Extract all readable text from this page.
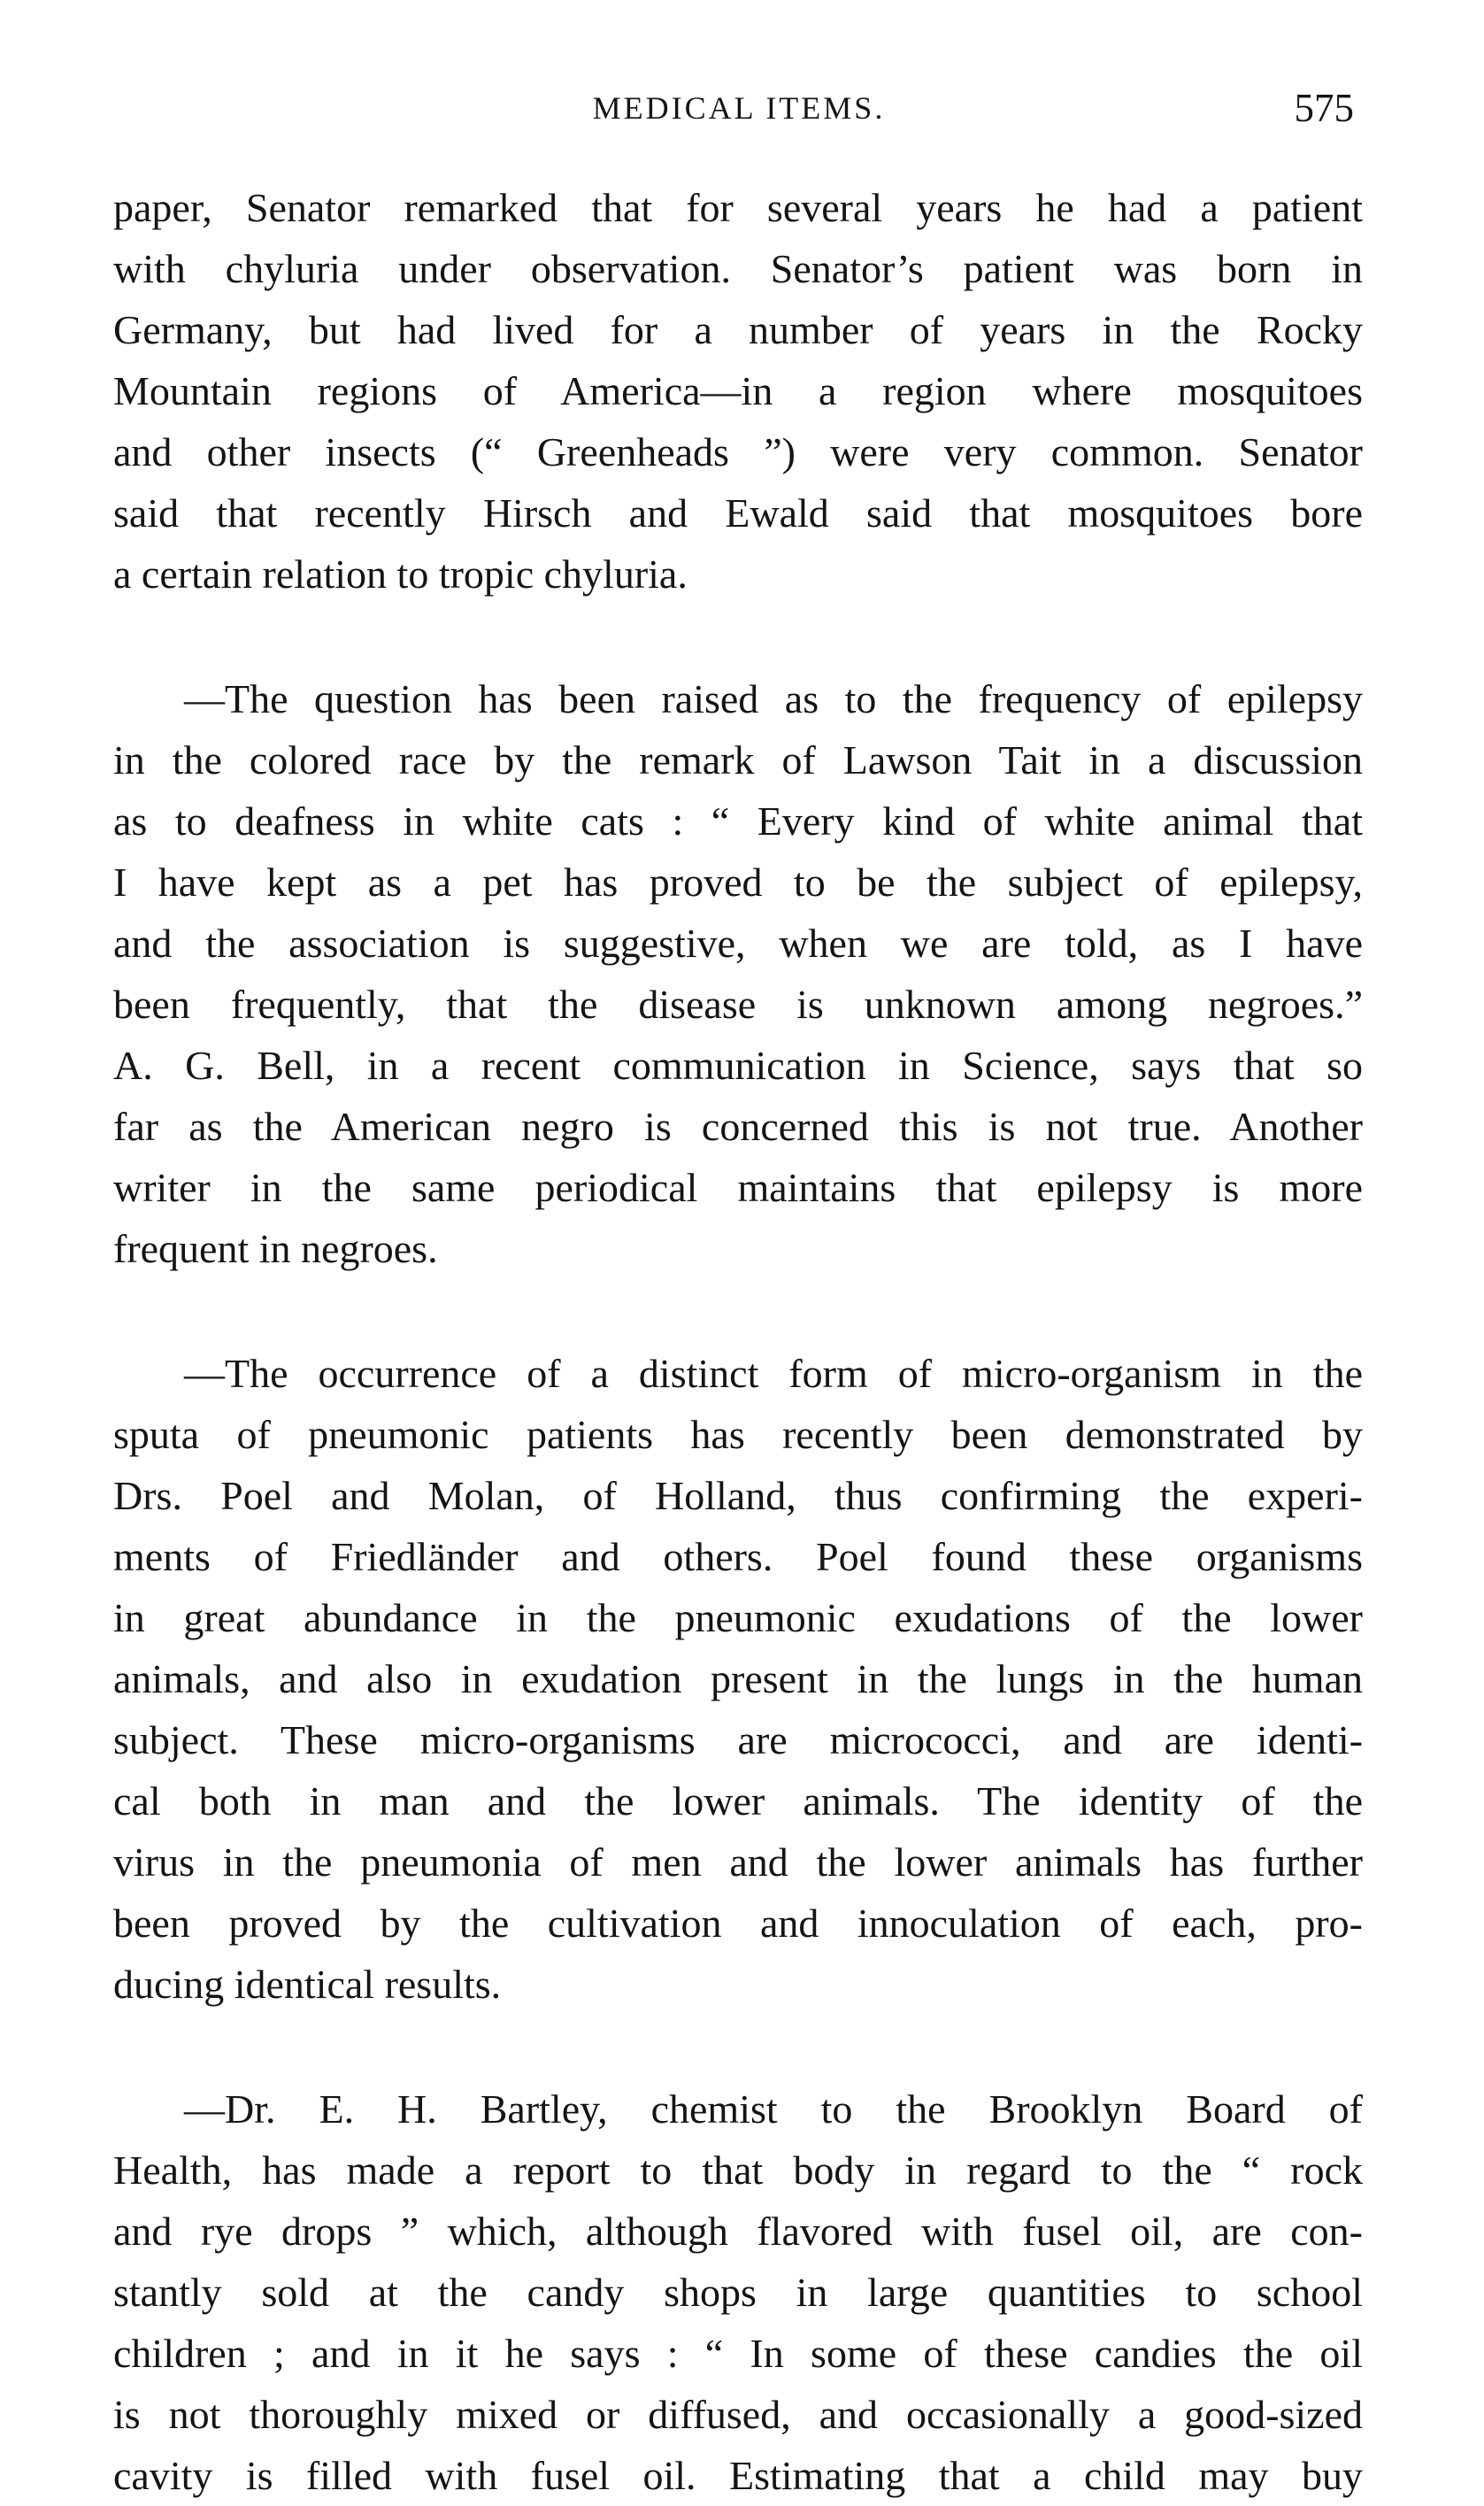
MEDICAL ITEMS.	575
paper, Senator remarked that for several years he had a patient
with chyluria under observation. Senator’s patient was born in
Germany, but had lived for a number of years in the Rocky
Mountain regions of America—in a region where mosquitoes
and other insects (“ Greenheads ”) were very common. Senator
said that recently Hirsch and Ewald said that mosquitoes bore
a certain relation to tropic chyluria.
—The question has been raised as to the frequency of epilepsy
in the colored race by the remark of Lawson Tait in a discussion
as to deafness in white cats : “ Every kind of white animal that
I have kept as a pet has proved to be the subject of epilepsy,
and the association is suggestive, when we are told, as I have
been frequently, that the disease is unknown among negroes.”
A. G. Bell, in a recent communication in Science, says that so
far as the American negro is concerned this is not true. Another
writer in the same periodical maintains that epilepsy is more
frequent in negroes.
—The occurrence of a distinct form of micro-organism in the
sputa of pneumonic patients has recently been demonstrated by
Drs. Poel and Molan, of Holland, thus confirming the experi-
ments of Friedländer and others. Poel found these organisms
in great abundance in the pneumonic exudations of the lower
animals, and also in exudation present in the lungs in the human
subject. These micro-organisms are micrococci, and are identi-
cal both in man and the lower animals. The identity of the
virus in the pneumonia of men and the lower animals has further
been proved by the cultivation and innoculation of each, pro-
ducing identical results.
—Dr. E. H. Bartley, chemist to the Brooklyn Board of
Health, has made a report to that body in regard to the “ rock
and rye drops ” which, although flavored with fusel oil, are con-
stantly sold at the candy shops in large quantities to school
children ; and in it he says : “ In some of these candies the oil
is not thoroughly mixed or diffused, and occasionally a good-sized
cavity is filled with fusel oil. Estimating that a child may buy
